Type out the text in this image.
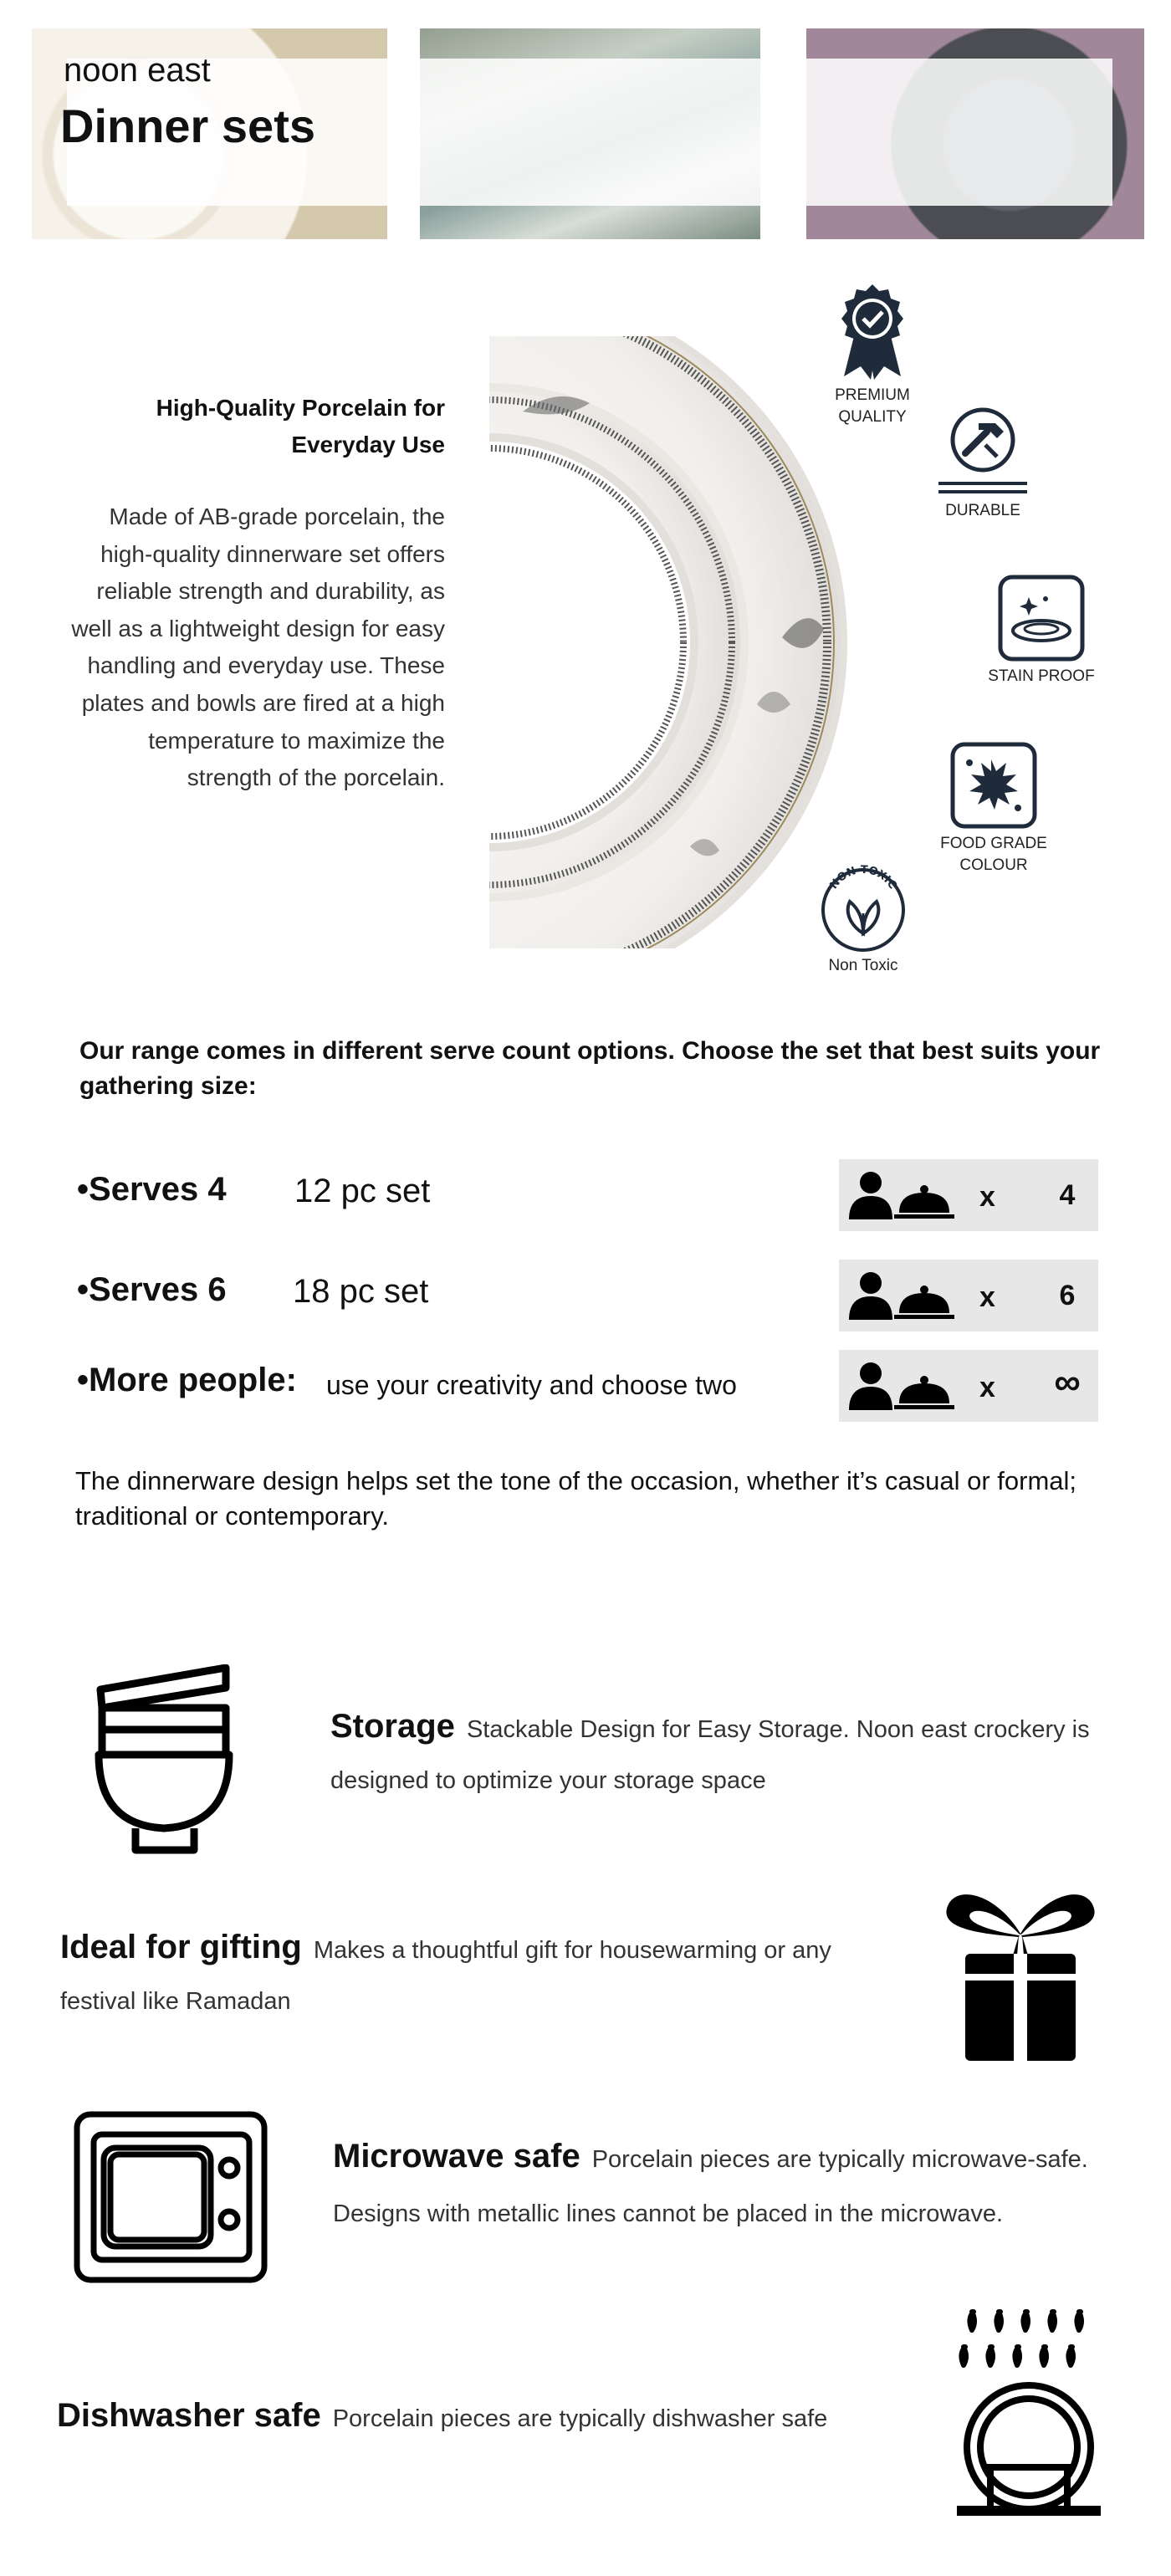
noon east
Dinner sets
High-Quality Porcelain for Everyday Use
Made of AB-grade porcelain, the high-quality dinnerware set offers reliable strength and durability, as well as a lightweight design for easy handling and everyday use. These plates and bowls are fired at a high temperature to maximize the strength of the porcelain.
PREMIUM
QUALITY
DURABLE
STAIN PROOF
FOOD GRADE
COLOUR
NON TOXIC
Non Toxic
Our range comes in different serve count options. Choose the set that best suits your gathering size:
•Serves 4 12 pc set	x	4
•Serves 6 18 pc set	x	6
•More people: use your creativity and choose two	x ∞
The dinnerware design helps set the tone of the occasion, whether it’s casual or formal; traditional or contemporary.
Storage Stackable Design for Easy Storage. Noon east crockery is designed to optimize your storage space
Ideal for gifting Makes a thoughtful gift for housewarming or any festival like Ramadan
Microwave safe Porcelain pieces are typically microwave-safe. Designs with metallic lines cannot be placed in the microwave.
Dishwasher safe Porcelain pieces are typically dishwasher safe
